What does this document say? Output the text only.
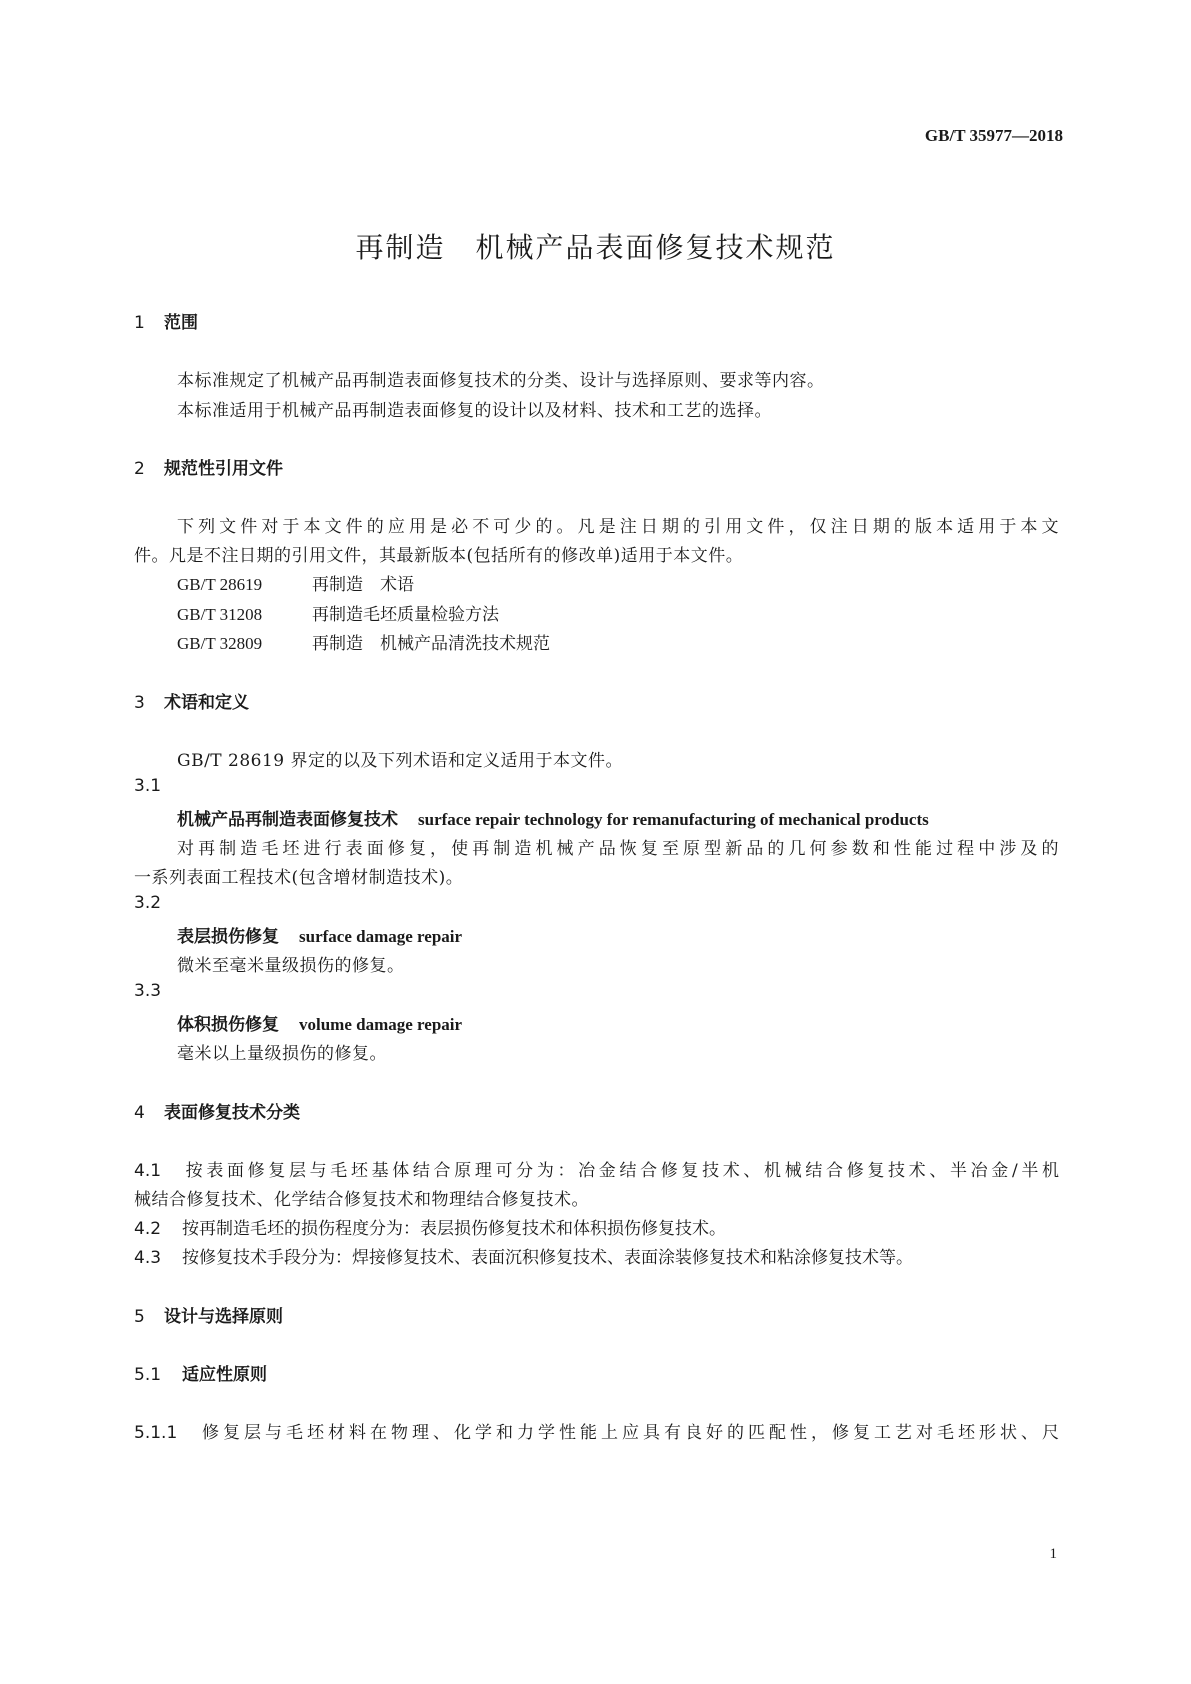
GB/T 35977—2018
再制造　机械产品表面修复技术规范
1 范围
本标准规定了机械产品再制造表面修复技术的分类、设计与选择原则、要求等内容。
本标准适用于机械产品再制造表面修复的设计以及材料、技术和工艺的选择。
2 规范性引用文件
下列文件对于本文件的应用是必不可少的。凡是注日期的引用文件，仅注日期的版本适用于本文
件。凡是不注日期的引用文件，其最新版本(包括所有的修改单)适用于本文件。
GB/T 28619	再制造　术语
GB/T 31208	再制造毛坯质量检验方法
GB/T 32809	再制造　机械产品清洗技术规范
3 术语和定义
GB/T 28619 界定的以及下列术语和定义适用于本文件。
3.1
机械产品再制造表面修复技术 surface repair technology for remanufacturing of mechanical products
对再制造毛坯进行表面修复，使再制造机械产品恢复至原型新品的几何参数和性能过程中涉及的
一系列表面工程技术(包含增材制造技术)。
3.2
表层损伤修复 surface damage repair
微米至毫米量级损伤的修复。
3.3
体积损伤修复 volume damage repair
毫米以上量级损伤的修复。
4 表面修复技术分类
4.1 按表面修复层与毛坯基体结合原理可分为：冶金结合修复技术、机械结合修复技术、半冶金/半机
械结合修复技术、化学结合修复技术和物理结合修复技术。
4.2 按再制造毛坯的损伤程度分为：表层损伤修复技术和体积损伤修复技术。
4.3 按修复技术手段分为：焊接修复技术、表面沉积修复技术、表面涂装修复技术和粘涂修复技术等。
5 设计与选择原则
5.1 适应性原则
5.1.1 修复层与毛坯材料在物理、化学和力学性能上应具有良好的匹配性，修复工艺对毛坯形状、尺
1
